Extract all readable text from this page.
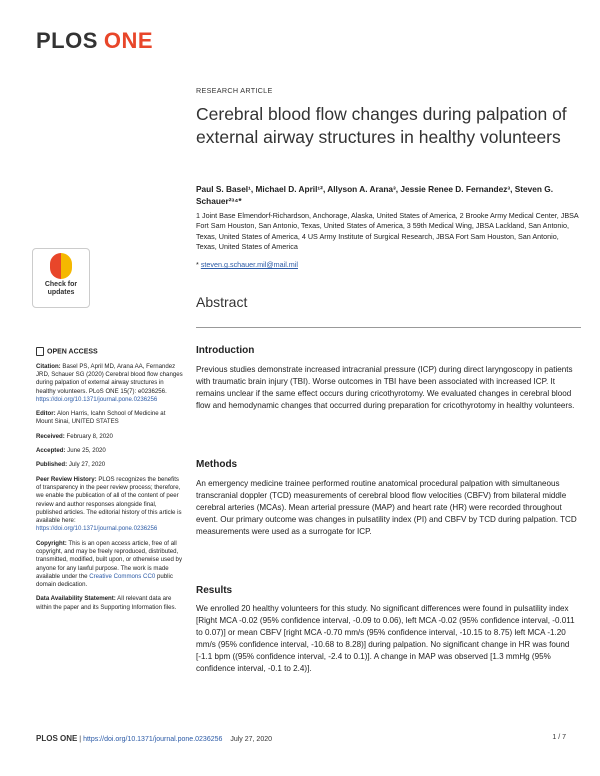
PLOS ONE
RESEARCH ARTICLE
Cerebral blood flow changes during palpation of external airway structures in healthy volunteers
Paul S. Basel¹, Michael D. April¹², Allyson A. Arana³, Jessie Renee D. Fernandez³, Steven G. Schauer²³⁴*
1 Joint Base Elmendorf-Richardson, Anchorage, Alaska, United States of America, 2 Brooke Army Medical Center, JBSA Fort Sam Houston, San Antonio, Texas, United States of America, 3 59th Medical Wing, JBSA Lackland, San Antonio, Texas, United States of America, 4 US Army Institute of Surgical Research, JBSA Fort Sam Houston, San Antonio, Texas, United States of America
* steven.g.schauer.mil@mail.mil
Check for
updates
Abstract
OPEN ACCESS
Citation: Basel PS, April MD, Arana AA, Fernandez JRD, Schauer SG (2020) Cerebral blood flow changes during palpation of external airway structures in healthy volunteers. PLoS ONE 15(7): e0236256. https://doi.org/10.1371/journal.pone.0236256
Editor: Alon Harris, Icahn School of Medicine at Mount Sinai, UNITED STATES
Received: February 8, 2020
Accepted: June 25, 2020
Published: July 27, 2020
Peer Review History: PLOS recognizes the benefits of transparency in the peer review process; therefore, we enable the publication of all of the content of peer review and author responses alongside final, published articles. The editorial history of this article is available here: https://doi.org/10.1371/journal.pone.0236256
Copyright: This is an open access article, free of all copyright, and may be freely reproduced, distributed, transmitted, modified, built upon, or otherwise used by anyone for any lawful purpose. The work is made available under the Creative Commons CC0 public domain dedication.
Data Availability Statement: All relevant data are within the paper and its Supporting Information files.
Introduction
Previous studies demonstrate increased intracranial pressure (ICP) during direct laryngoscopy in patients with traumatic brain injury (TBI). Worse outcomes in TBI have been associated with increased ICP. It remains unclear if the same effect occurs during cricothyrotomy. We evaluated changes in cerebral blood flow and hemodynamic changes that occurred during preparation for cricothyrotomy in healthy volunteers.
Methods
An emergency medicine trainee performed routine anatomical procedural palpation with simultaneous transcranial doppler (TCD) measurements of cerebral blood flow velocities (CBFV) from bilateral middle cerebral arteries (MCAs). Mean arterial pressure (MAP) and heart rate (HR) were recorded throughout event. Our primary outcome was changes in pulsatility index (PI) and CBFV by TCD during palpation. TCD measurements were used as a surrogate for ICP.
Results
We enrolled 20 healthy volunteers for this study. No significant differences were found in pulsatility index [Right MCA -0.02 (95% confidence interval, -0.09 to 0.06), left MCA -0.02 (95% confidence interval, -0.011 to 0.07)] or mean CBFV [right MCA -0.70 mm/s (95% confidence interval, -10.15 to 8.75) left MCA -1.20 mm/s (95% confidence interval, -10.68 to 8.28)] during palpation. No significant change in HR was found [-1.1 bpm ((95% confidence interval, -2.4 to 0.1)]. A change in MAP was observed [1.3 mmHg (95% confidence interval, -0.1 to 2.4)].
PLOS ONE | https://doi.org/10.1371/journal.pone.0236256 July 27, 2020	1 / 7
